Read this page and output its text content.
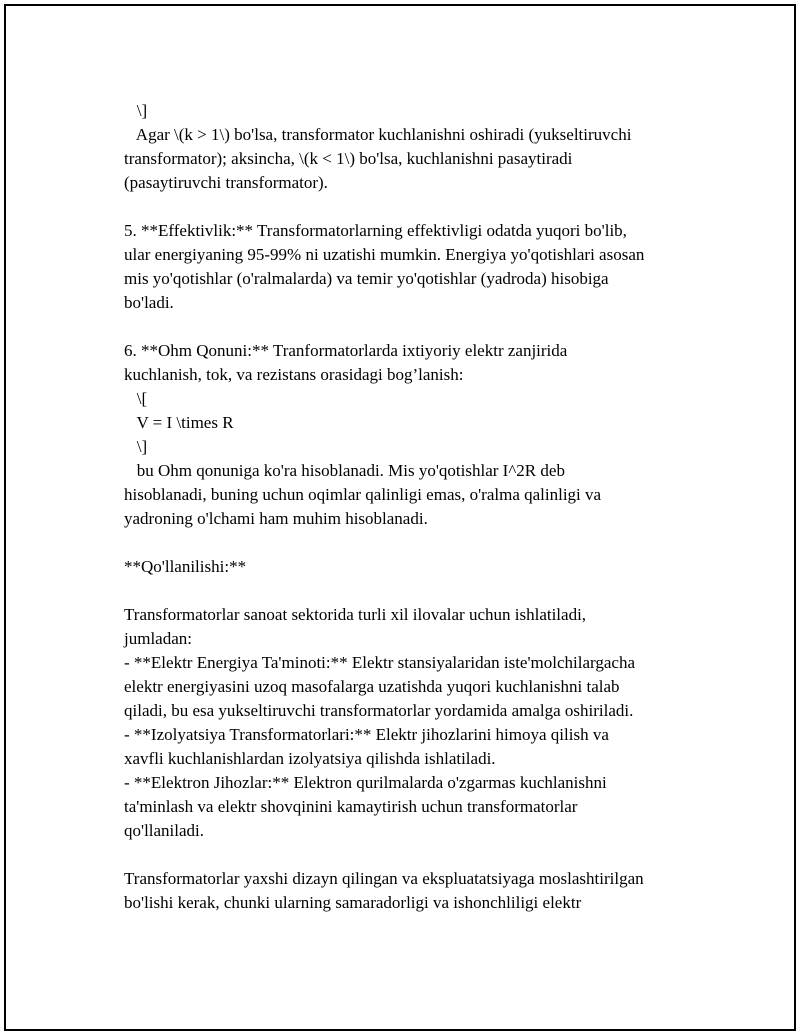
\]
Agar \(k > 1\) bo'lsa, transformator kuchlanishni oshiradi (yukseltiruvchi
transformator); aksincha, \(k < 1\) bo'lsa, kuchlanishni pasaytiradi
(pasaytiruvchi transformator).
5. **Effektivlik:** Transformatorlarning effektivligi odatda yuqori bo'lib,
ular energiyaning 95-99% ni uzatishi mumkin. Energiya yo'qotishlari asosan
mis yo'qotishlar (o'ralmalarda) va temir yo'qotishlar (yadroda) hisobiga
bo'ladi.
6. **Ohm Qonuni:** Tranformatorlarda ixtiyoriy elektr zanjirida
kuchlanish, tok, va rezistans orasidagi bog’lanish:
\[
V = I \times R
\]
bu Ohm qonuniga ko'ra hisoblanadi. Mis yo'qotishlar I^2R deb
hisoblanadi, buning uchun oqimlar qalinligi emas, o'ralma qalinligi va
yadroning o'lchami ham muhim hisoblanadi.
**Qo'llanilishi:**
Transformatorlar sanoat sektorida turli xil ilovalar uchun ishlatiladi,
jumladan:
- **Elektr Energiya Ta'minoti:** Elektr stansiyalaridan iste'molchilargacha
elektr energiyasini uzoq masofalarga uzatishda yuqori kuchlanishni talab
qiladi, bu esa yukseltiruvchi transformatorlar yordamida amalga oshiriladi.
- **Izolyatsiya Transformatorlari:** Elektr jihozlarini himoya qilish va
xavfli kuchlanishlardan izolyatsiya qilishda ishlatiladi.
- **Elektron Jihozlar:** Elektron qurilmalarda o'zgarmas kuchlanishni
ta'minlash va elektr shovqinini kamaytirish uchun transformatorlar
qo'llaniladi.
Transformatorlar yaxshi dizayn qilingan va ekspluatatsiyaga moslashtirilgan
bo'lishi kerak, chunki ularning samaradorligi va ishonchliligi elektr
